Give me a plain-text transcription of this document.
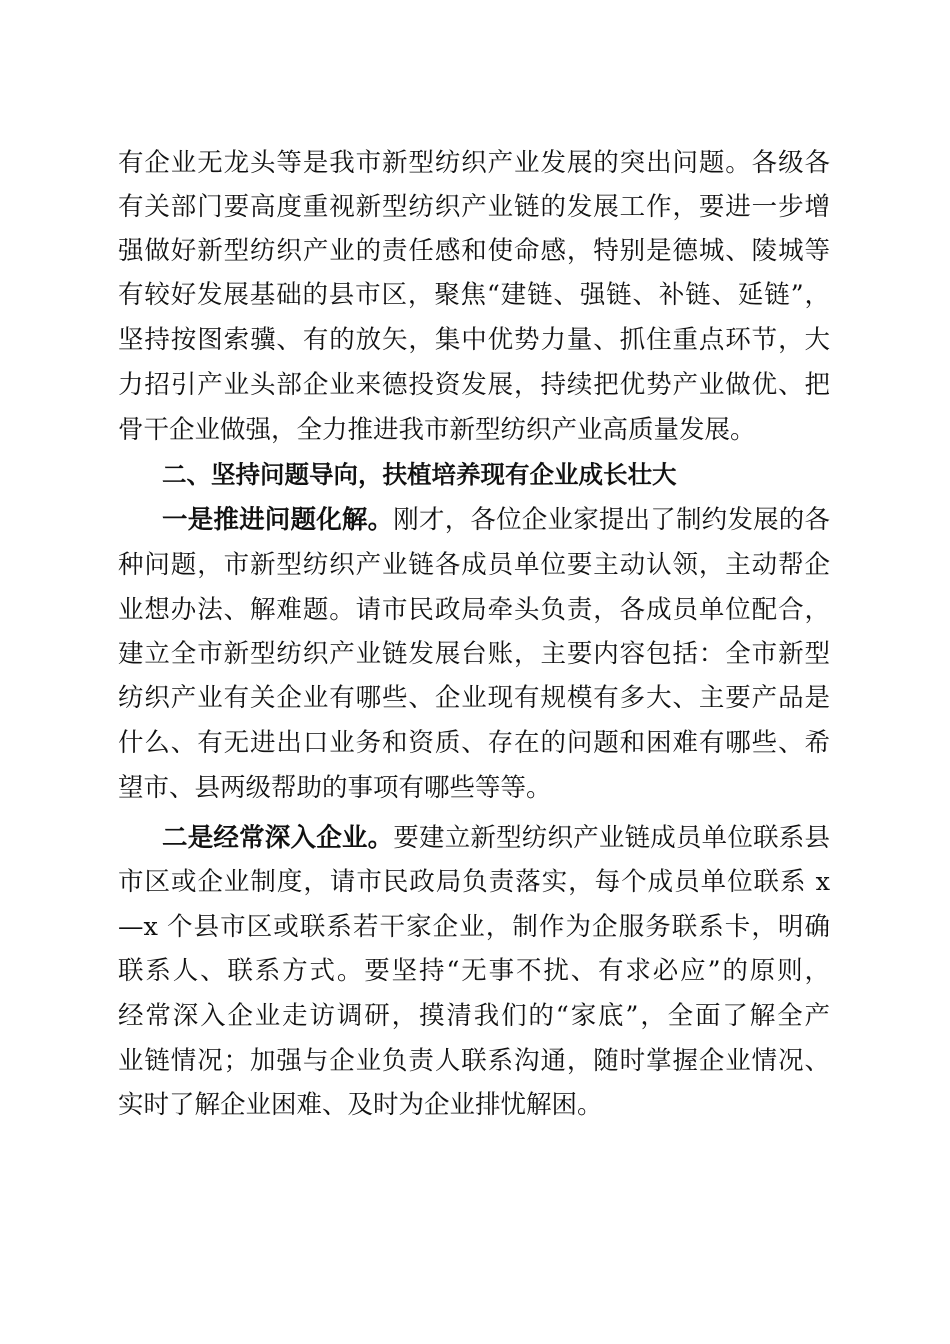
有企业无龙头等是我市新型纺织产业发展的突出问题。各级各
有关部门要高度重视新型纺织产业链的发展工作，要进一步增
强做好新型纺织产业的责任感和使命感，特别是德城、陵城等
有较好发展基础的县市区，聚焦“建链、强链、补链、延链”，
坚持按图索骥、有的放矢，集中优势力量、抓住重点环节，大
力招引产业头部企业来德投资发展，持续把优势产业做优、把
骨干企业做强，全力推进我市新型纺织产业高质量发展。
二、坚持问题导向，扶植培养现有企业成长壮大
一是推进问题化解。刚才，各位企业家提出了制约发展的各
种问题，市新型纺织产业链各成员单位要主动认领，主动帮企
业想办法、解难题。请市民政局牵头负责，各成员单位配合，
建立全市新型纺织产业链发展台账，主要内容包括：全市新型
纺织产业有关企业有哪些、企业现有规模有多大、主要产品是
什么、有无进出口业务和资质、存在的问题和困难有哪些、希
望市、县两级帮助的事项有哪些等等。
二是经常深入企业。要建立新型纺织产业链成员单位联系县
市区或企业制度，请市民政局负责落实，每个成员单位联系 x
—x 个县市区或联系若干家企业，制作为企服务联系卡，明确
联系人、联系方式。要坚持“无事不扰、有求必应”的原则，
经常深入企业走访调研，摸清我们的“家底”，全面了解全产
业链情况；加强与企业负责人联系沟通，随时掌握企业情况、
实时了解企业困难、及时为企业排忧解困。
